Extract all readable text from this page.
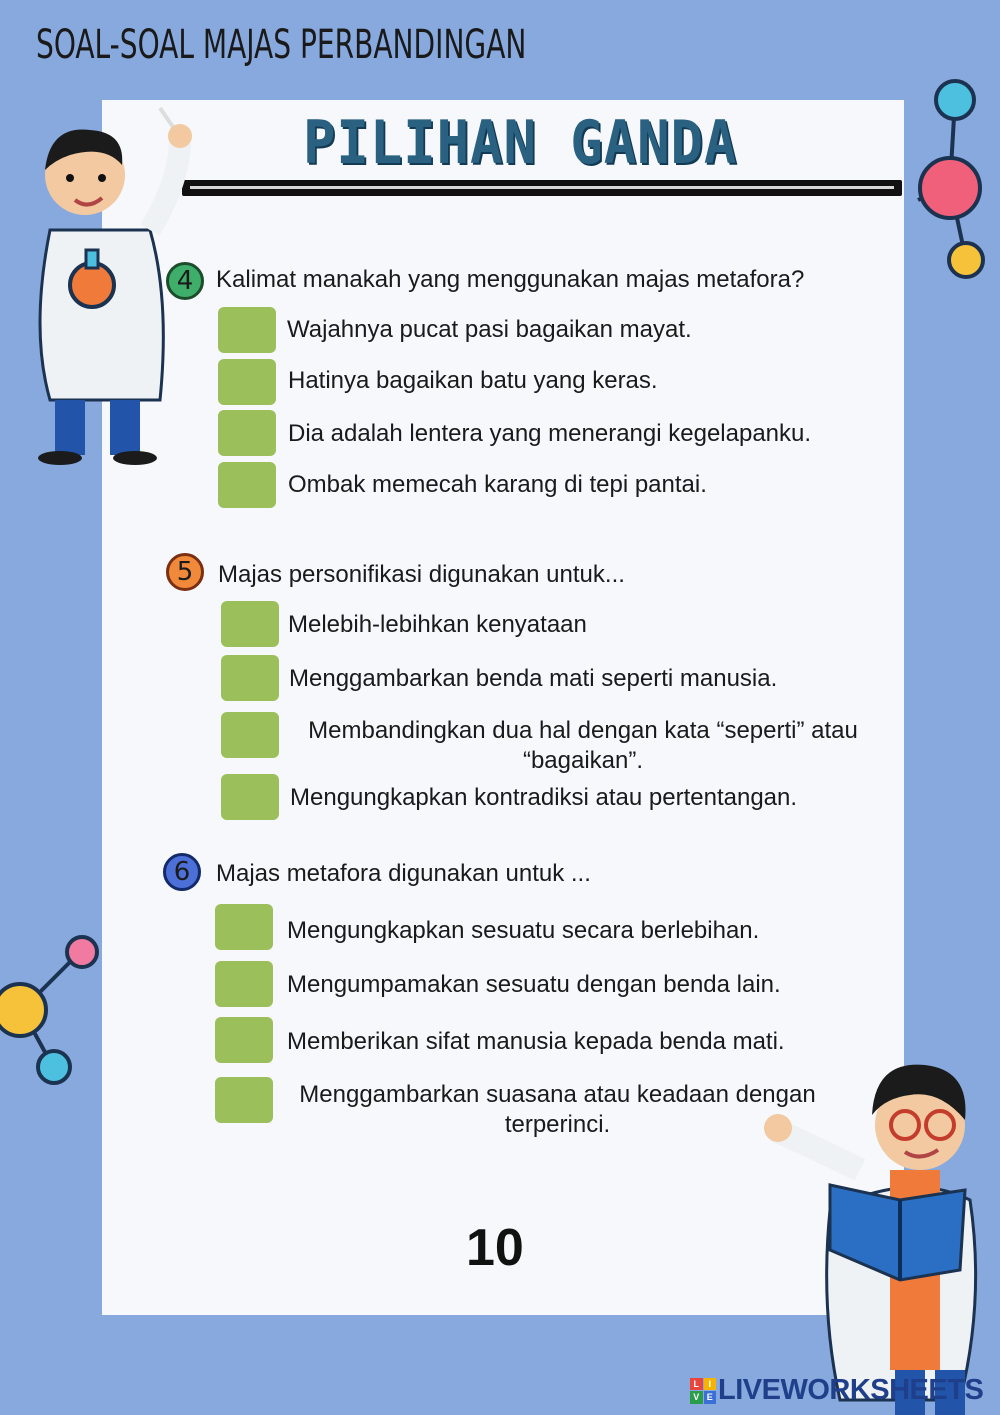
SOAL-SOAL MAJAS PERBANDINGAN
PILIHAN GANDA
4 Kalimat manakah yang menggunakan majas metafora?
Wajahnya pucat pasi bagaikan mayat.
Hatinya bagaikan batu yang keras.
Dia adalah lentera yang menerangi kegelapanku.
Ombak memecah karang di tepi pantai.
5	Majas personifikasi digunakan untuk...
Melebih-lebihkan kenyataan
Menggambarkan benda mati seperti manusia.
Membandingkan dua hal dengan kata “seperti” atau “bagaikan”.
Mengungkapkan kontradiksi atau pertentangan.
6	Majas metafora digunakan untuk ...
Mengungkapkan sesuatu secara berlebihan.
Mengumpamakan sesuatu dengan benda lain.
Memberikan sifat manusia kepada benda mati.
Menggambarkan suasana atau keadaan dengan terperinci.
10
L	I
V E LIVEWORKSHEETS
